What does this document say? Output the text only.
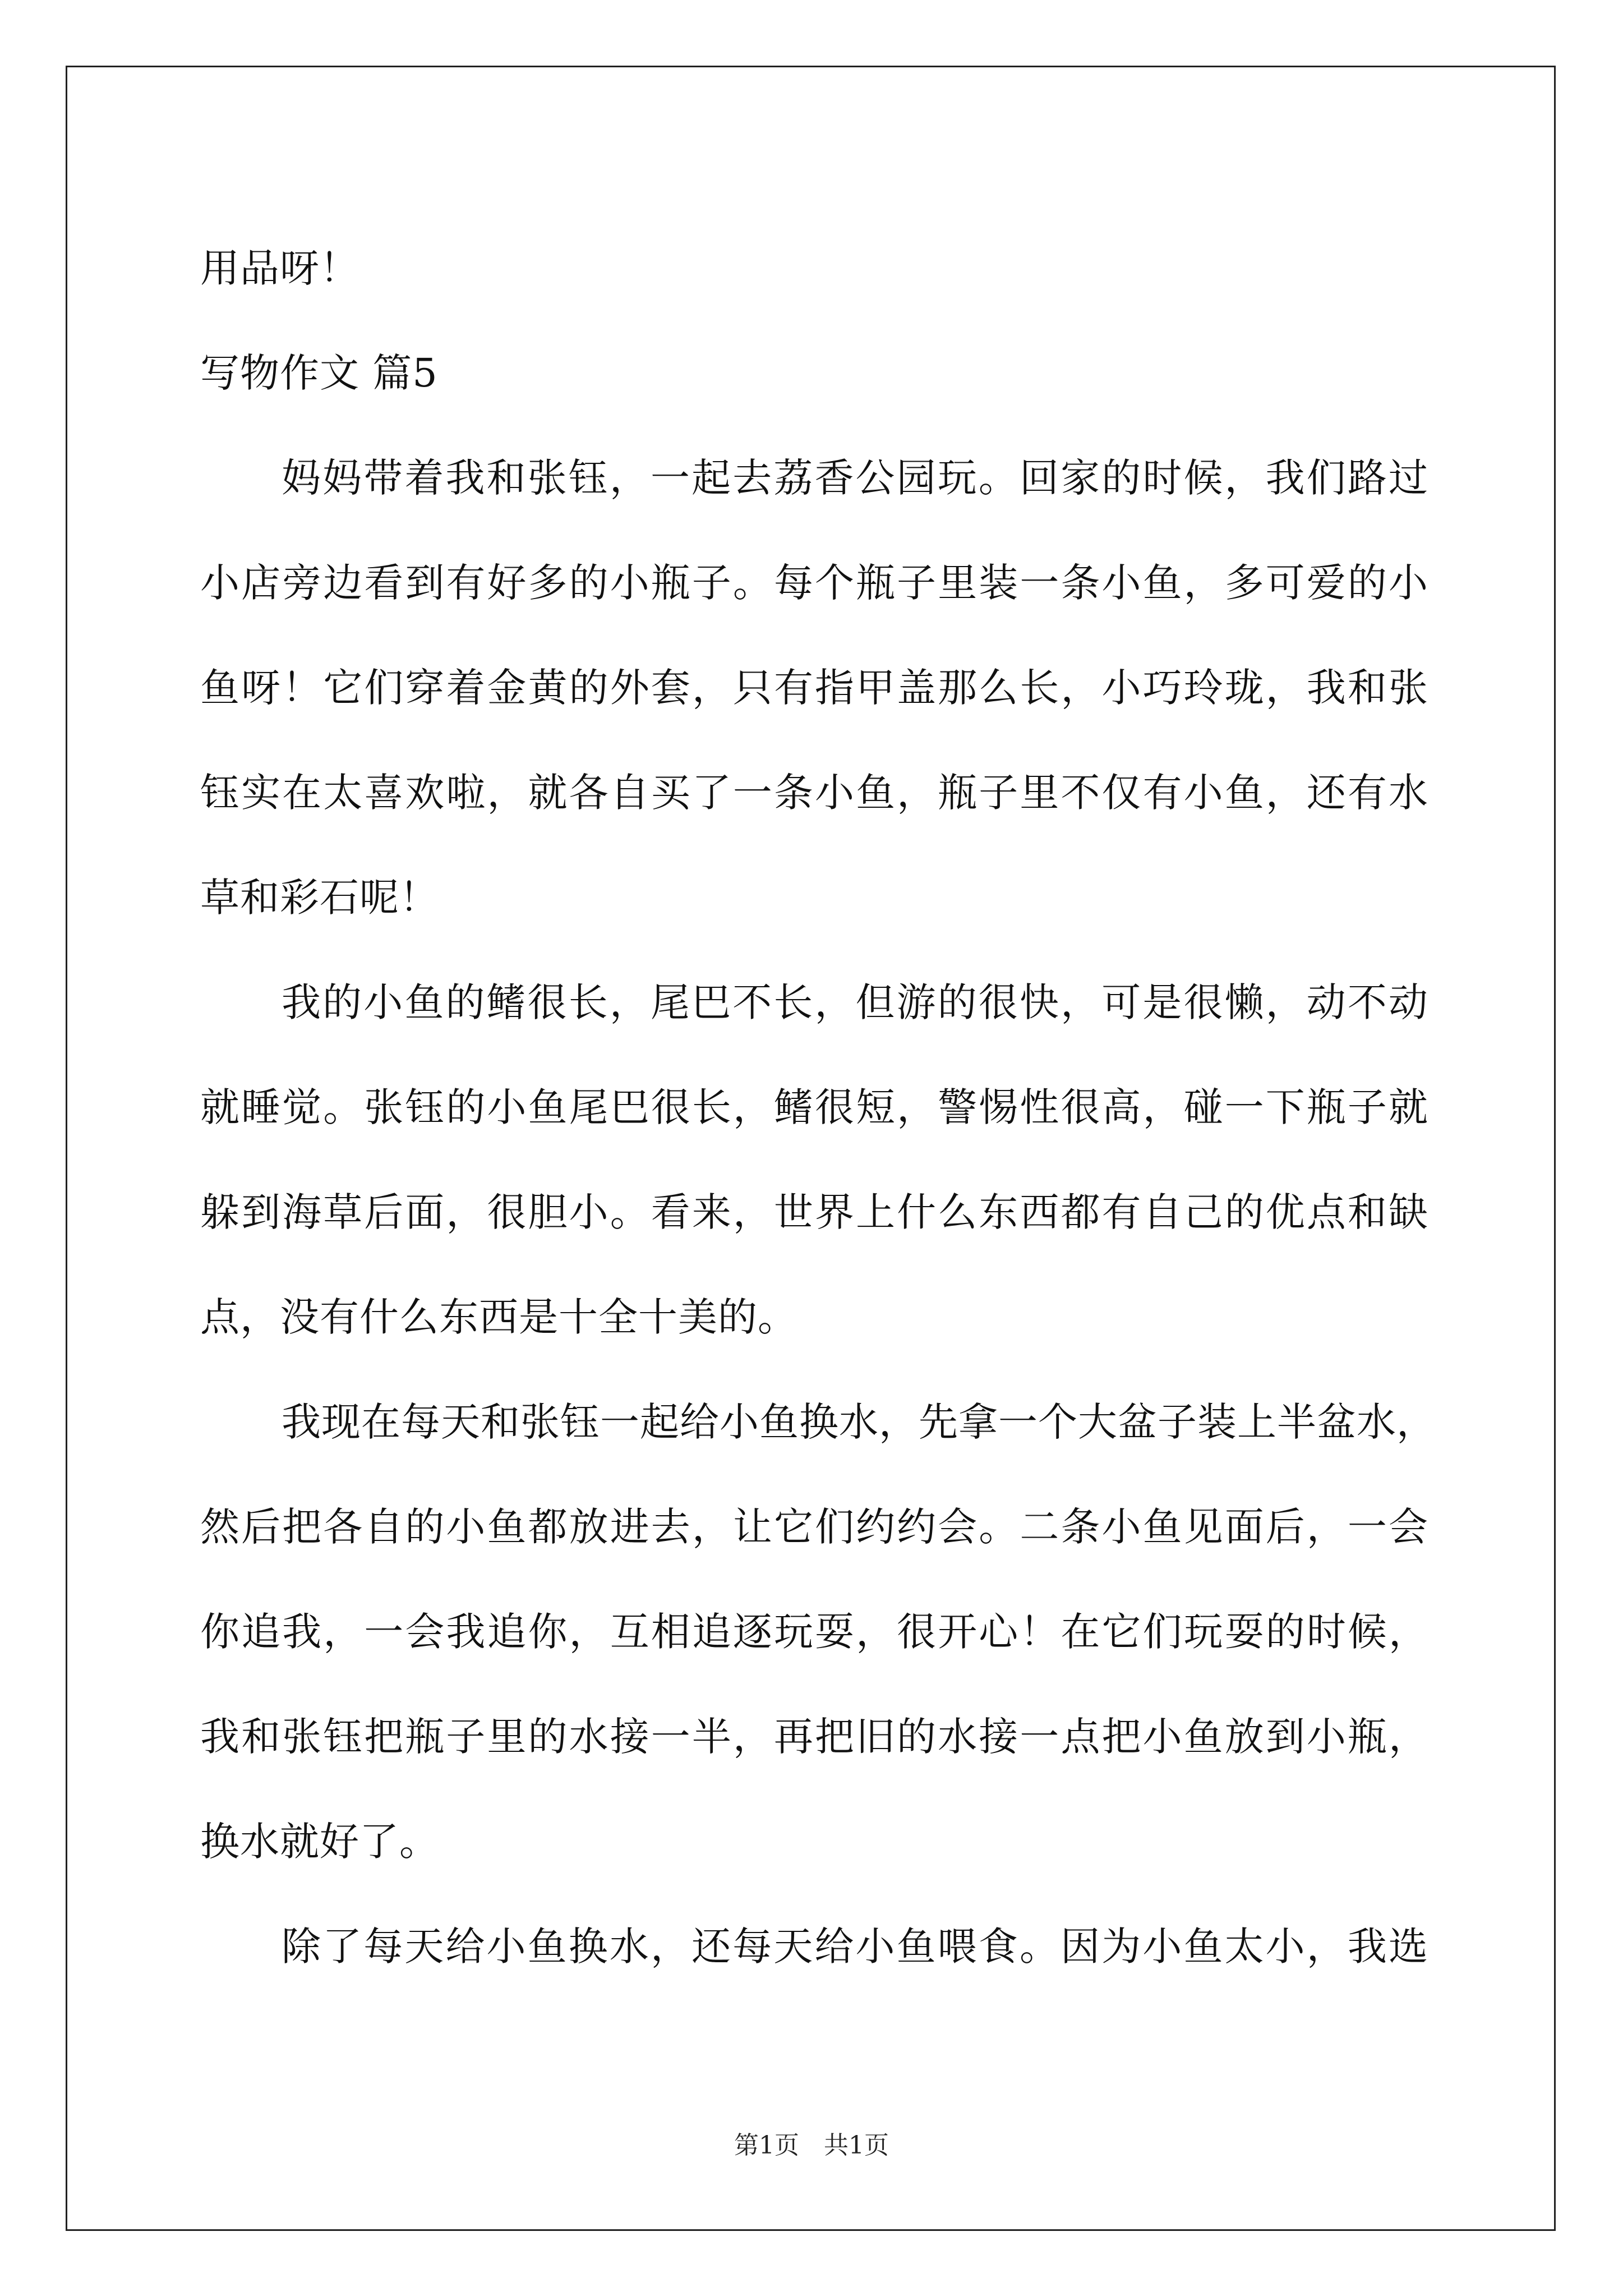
用品呀！
写物作文 篇5
妈妈带着我和张钰，一起去荔香公园玩。回家的时候，我们路过
小店旁边看到有好多的小瓶子。每个瓶子里装一条小鱼，多可爱的小
鱼呀！它们穿着金黄的外套，只有指甲盖那么长，小巧玲珑，我和张
钰实在太喜欢啦，就各自买了一条小鱼，瓶子里不仅有小鱼，还有水
草和彩石呢！
我的小鱼的鳍很长，尾巴不长，但游的很快，可是很懒，动不动
就睡觉。张钰的小鱼尾巴很长，鳍很短，警惕性很高，碰一下瓶子就
躲到海草后面，很胆小。看来，世界上什么东西都有自己的优点和缺
点，没有什么东西是十全十美的。
我现在每天和张钰一起给小鱼换水，先拿一个大盆子装上半盆水，
然后把各自的小鱼都放进去，让它们约约会。二条小鱼见面后，一会
你追我，一会我追你，互相追逐玩耍，很开心！在它们玩耍的时候，
我和张钰把瓶子里的水接一半，再把旧的水接一点把小鱼放到小瓶，
换水就好了。
除了每天给小鱼换水，还每天给小鱼喂食。因为小鱼太小，我选
第1页　共1页
